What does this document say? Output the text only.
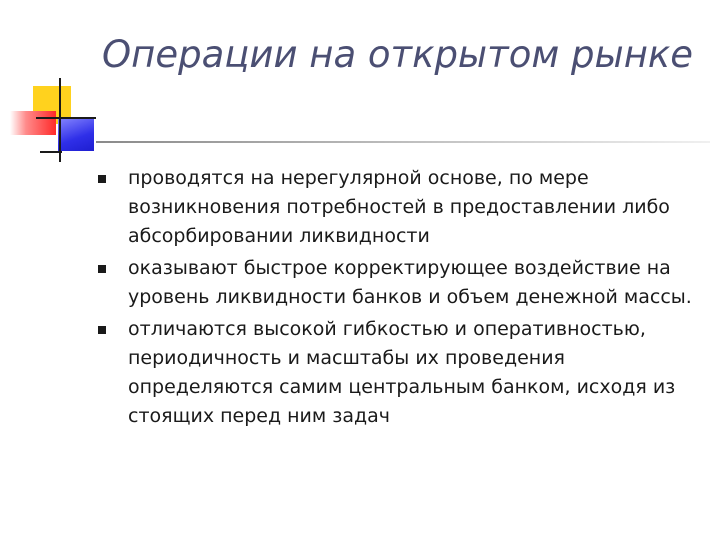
Операции на открытом рынке
проводятся на нерегулярной основе, по мере возникновения потребностей в предоставлении либо абсорбировании ликвидности
оказывают быстрое корректирующее воздействие на уровень ликвидности банков и объем денежной массы.
отличаются высокой гибкостью и оперативностью, периодичность и масштабы их проведения определяются самим центральным банком, исходя из стоящих перед ним задач
